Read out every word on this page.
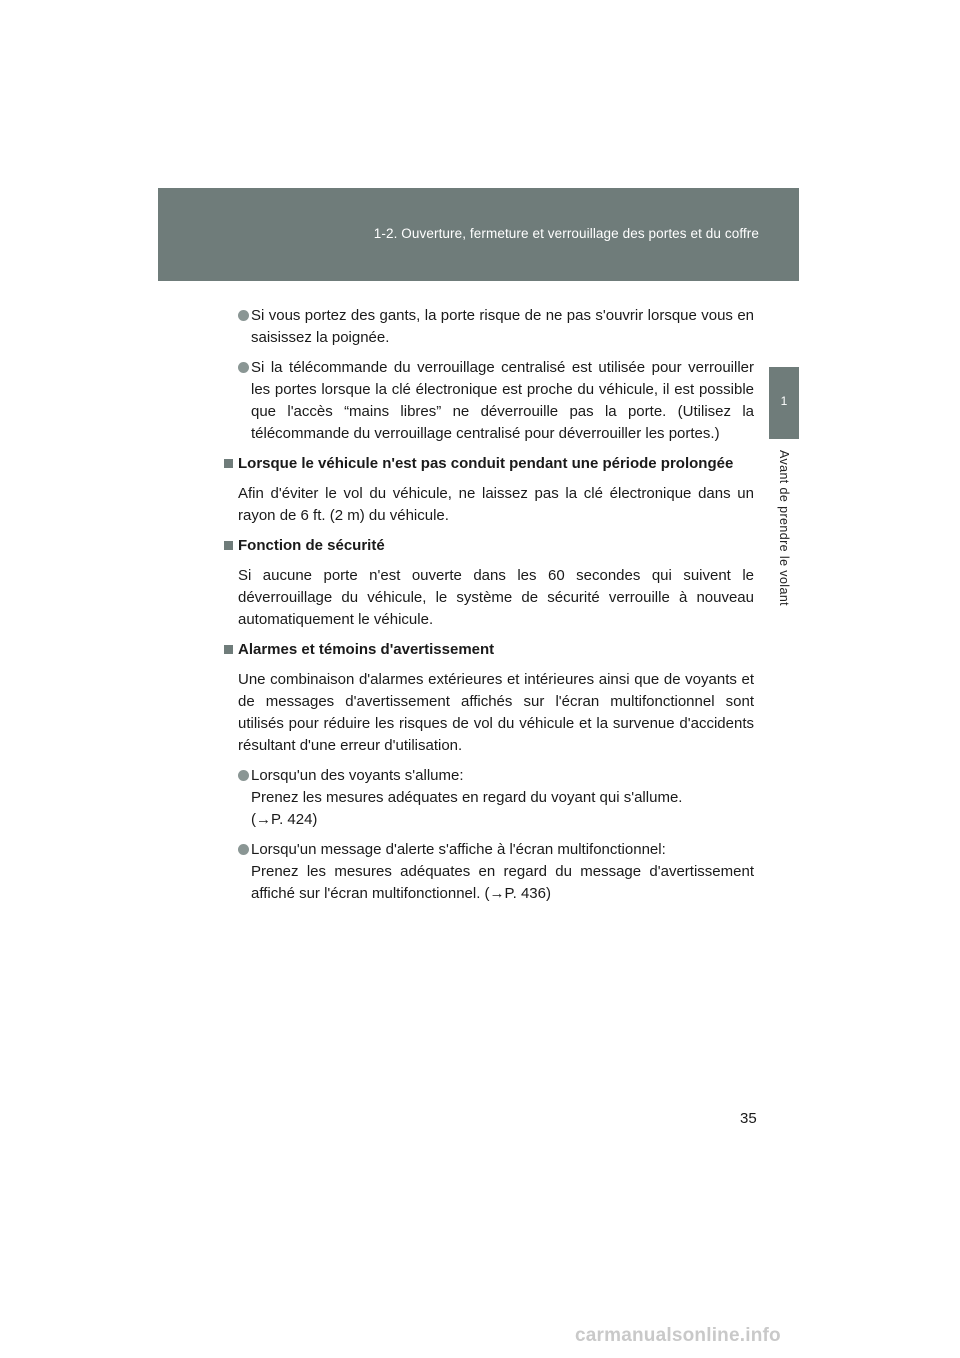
1-2. Ouverture, fermeture et verrouillage des portes et du coffre
1
Avant de prendre le volant
Si vous portez des gants, la porte risque de ne pas s'ouvrir lorsque vous en saisissez la poignée.
Si la télécommande du verrouillage centralisé est utilisée pour verrouiller les portes lorsque la clé électronique est proche du véhicule, il est possible que l'accès “mains libres” ne déverrouille pas la porte. (Utilisez la télécommande du verrouillage centralisé pour déverrouiller les portes.)
Lorsque le véhicule n'est pas conduit pendant une période prolongée
Afin d'éviter le vol du véhicule, ne laissez pas la clé électronique dans un rayon de 6 ft. (2 m) du véhicule.
Fonction de sécurité
Si aucune porte n'est ouverte dans les 60 secondes qui suivent le déverrouillage du véhicule, le système de sécurité verrouille à nouveau automatiquement le véhicule.
Alarmes et témoins d'avertissement
Une combinaison d'alarmes extérieures et intérieures ainsi que de voyants et de messages d'avertissement affichés sur l'écran multifonctionnel sont utilisés pour réduire les risques de vol du véhicule et la survenue d'accidents résultant d'une erreur d'utilisation.
Lorsqu'un des voyants s'allume:
Prenez les mesures adéquates en regard du voyant qui s'allume.
(→P. 424)
Lorsqu'un message d'alerte s'affiche à l'écran multifonctionnel:
Prenez les mesures adéquates en regard du message d'avertissement affiché sur l'écran multifonctionnel. (→P. 436)
35
carmanualsonline.info
